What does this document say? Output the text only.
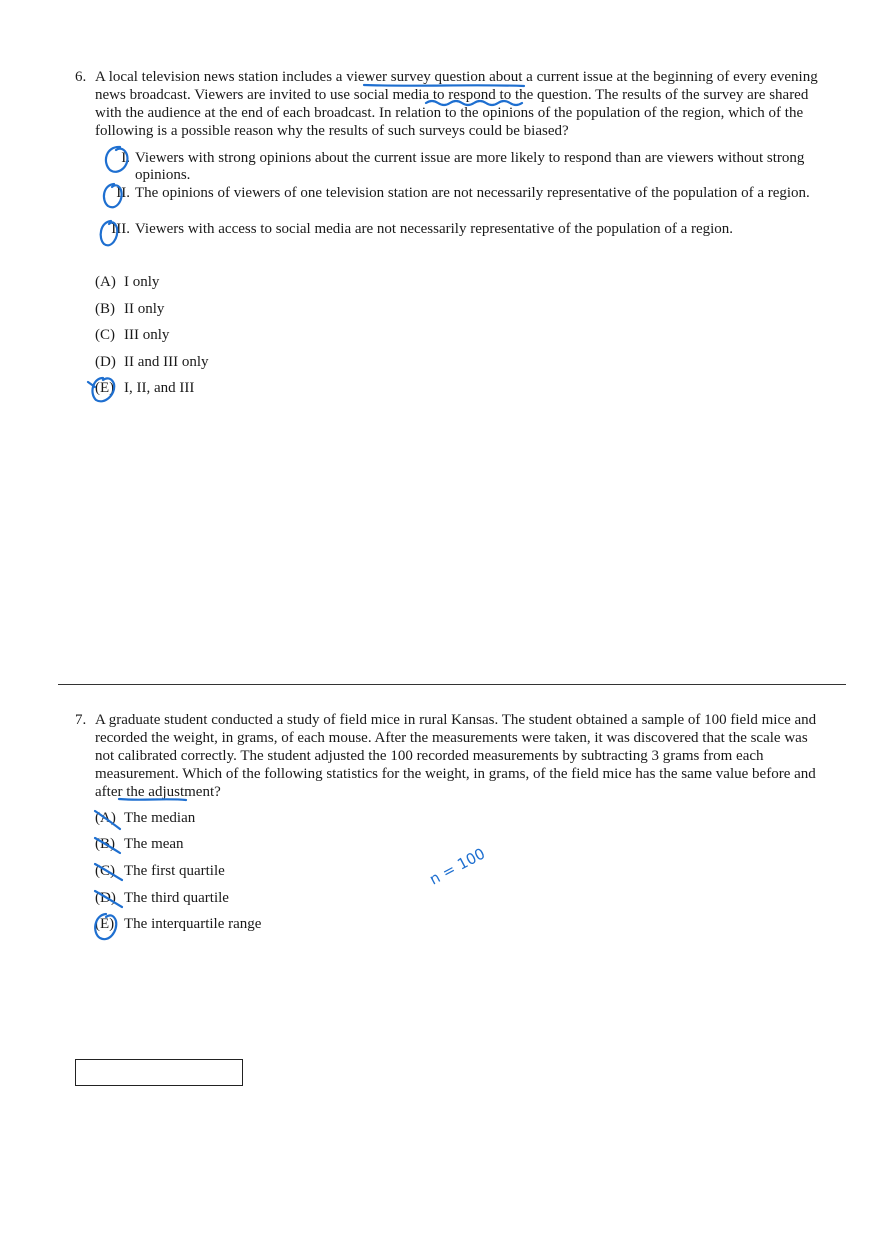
6. A local television news station includes a viewer survey question about a current issue at the beginning of every evening news broadcast. Viewers are invited to use social media to respond to the question. The results of the survey are shared with the audience at the end of each broadcast. In relation to the opinions of the population of the region, which of the following is a possible reason why the results of such surveys could be biased?
I. Viewers with strong opinions about the current issue are more likely to respond than are viewers without strong opinions.
II. The opinions of viewers of one television station are not necessarily representative of the population of a region.
III. Viewers with access to social media are not necessarily representative of the population of a region.
(A) I only
(B) II only
(C) III only
(D) II and III only
(E) I, II, and III
7. A graduate student conducted a study of field mice in rural Kansas. The student obtained a sample of 100 field mice and recorded the weight, in grams, of each mouse. After the measurements were taken, it was discovered that the scale was not calibrated correctly. The student adjusted the 100 recorded measurements by subtracting 3 grams from each measurement. Which of the following statistics for the weight, in grams, of the field mice has the same value before and after the adjustment?
(A) The median
(B) The mean
(C) The first quartile
(D) The third quartile
(E) The interquartile range
n = 100
